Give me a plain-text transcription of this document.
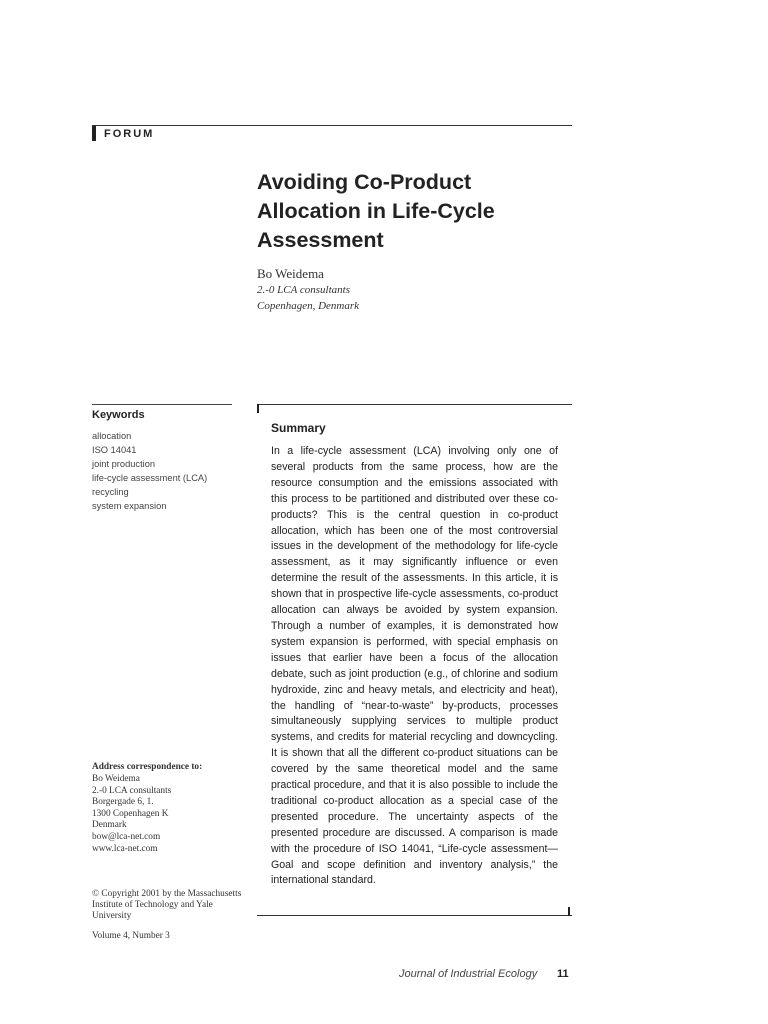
FORUM
Avoiding Co-Product Allocation in Life-Cycle Assessment
Bo Weidema
2.-0 LCA consultants
Copenhagen, Denmark
Keywords
allocation
ISO 14041
joint production
life-cycle assessment (LCA)
recycling
system expansion
Summary

In a life-cycle assessment (LCA) involving only one of several products from the same process, how are the resource consumption and the emissions associated with this process to be partitioned and distributed over these co-products? This is the central question in co-product allocation, which has been one of the most controversial issues in the development of the methodology for life-cycle assessment, as it may significantly influence or even determine the result of the assessments. In this article, it is shown that in prospective life-cycle assessments, co-product allocation can always be avoided by system expansion. Through a number of examples, it is demonstrated how system expansion is performed, with special emphasis on issues that earlier have been a focus of the allocation debate, such as joint production (e.g., of chlorine and sodium hydroxide, zinc and heavy metals, and electricity and heat), the handling of “near-to-waste” by-products, processes simultaneously supplying services to multiple product systems, and credits for material recycling and downcycling. It is shown that all the different co-product situations can be covered by the same theoretical model and the same practical procedure, and that it is also possible to include the traditional co-product allocation as a special case of the presented procedure. The uncertainty aspects of the presented procedure are discussed. A comparison is made with the procedure of ISO 14041, “Life-cycle assessment—Goal and scope definition and inventory analysis,” the international standard.

Address correspondence to:
Bo Weidema
2.-0 LCA consultants
Borgergade 6, 1.
1300 Copenhagen K
Denmark
bow@lca-net.com
www.lca-net.com

© Copyright 2001 by the Massachusetts Institute of Technology and Yale University

Volume 4, Number 3
Journal of Industrial Ecology 11
